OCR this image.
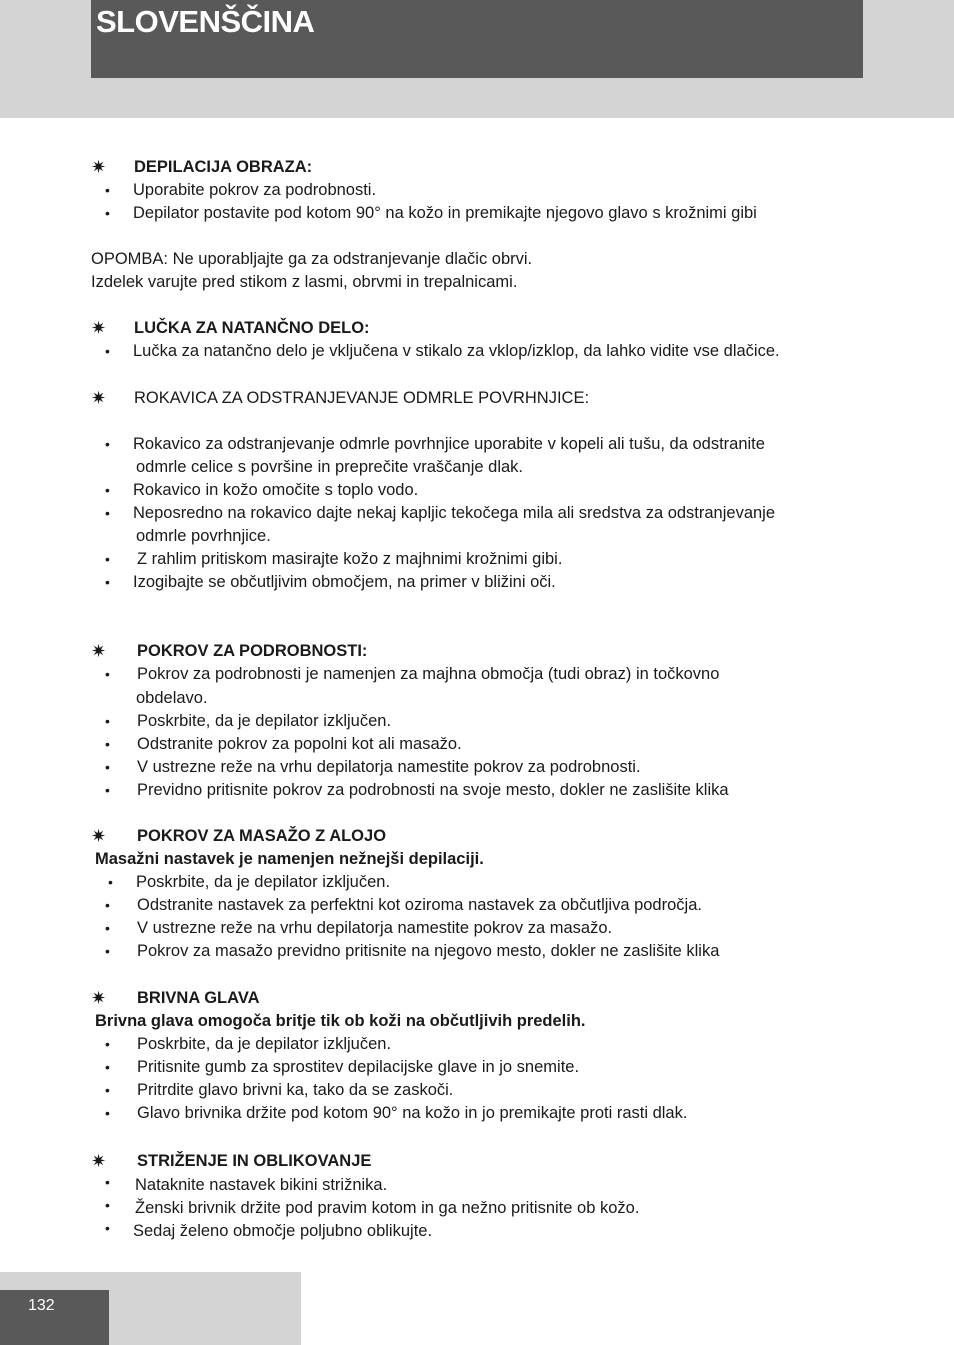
SLOVENŠČINA
✷ DEPILACIJA OBRAZA:
• Uporabite pokrov za podrobnosti.
• Depilator postavite pod kotom 90° na kožo in premikajte njegovo glavo s krožnimi gibi
OPOMBA: Ne uporabljajte ga za odstranjevanje dlačic obrvi.
Izdelek varujte pred stikom z lasmi, obrvmi in trepalnicami.
✷ LUČKA ZA NATANČNO DELO:
• Lučka za natančno delo je vključena v stikalo za vklop/izklop, da lahko vidite vse dlačice.
✷ ROKAVICA ZA ODSTRANJEVANJE ODMRLE POVRHNJICE:
• Rokavico za odstranjevanje odmrle povrhnjice uporabite v kopeli ali tušu, da odstranite
odmrle celice s površine in preprečite vraščanje dlak.
• Rokavico in kožo omočite s toplo vodo.
• Neposredno na rokavico dajte nekaj kapljic tekočega mila ali sredstva za odstranjevanje
odmrle povrhnjice.
• Z rahlim pritiskom masirajte kožo z majhnimi krožnimi gibi.
• Izogibajte se občutljivim območjem, na primer v bližini oči.
✷ POKROV ZA PODROBNOSTI:
• Pokrov za podrobnosti je namenjen za majhna območja (tudi obraz) in točkovno
obdelavo.
• Poskrbite, da je depilator izključen.
• Odstranite pokrov za popolni kot ali masažo.
• V ustrezne reže na vrhu depilatorja namestite pokrov za podrobnosti.
• Previdno pritisnite pokrov za podrobnosti na svoje mesto, dokler ne zaslišite klika
✷ POKROV ZA MASAŽO Z ALOJO
Masažni nastavek je namenjen nežnejši depilaciji.
• Poskrbite, da je depilator izključen.
• Odstranite nastavek za perfektni kot oziroma nastavek za občutljiva področja.
• V ustrezne reže na vrhu depilatorja namestite pokrov za masažo.
• Pokrov za masažo previdno pritisnite na njegovo mesto, dokler ne zaslišite klika
✷ BRIVNA GLAVA
Brivna glava omogoča britje tik ob koži na občutljivih predelih.
• Poskrbite, da je depilator izključen.
• Pritisnite gumb za sprostitev depilacijske glave in jo snemite.
• Pritrdite glavo brivni ka, tako da se zaskoči.
• Glavo brivnika držite pod kotom 90° na kožo in jo premikajte proti rasti dlak.
✷ STRIŽENJE IN OBLIKOVANJE
• Nataknite nastavek bikini strižnika.
• Ženski brivnik držite pod pravim kotom in ga nežno pritisnite ob kožo.
• Sedaj želeno območje poljubno oblikujte.
132
